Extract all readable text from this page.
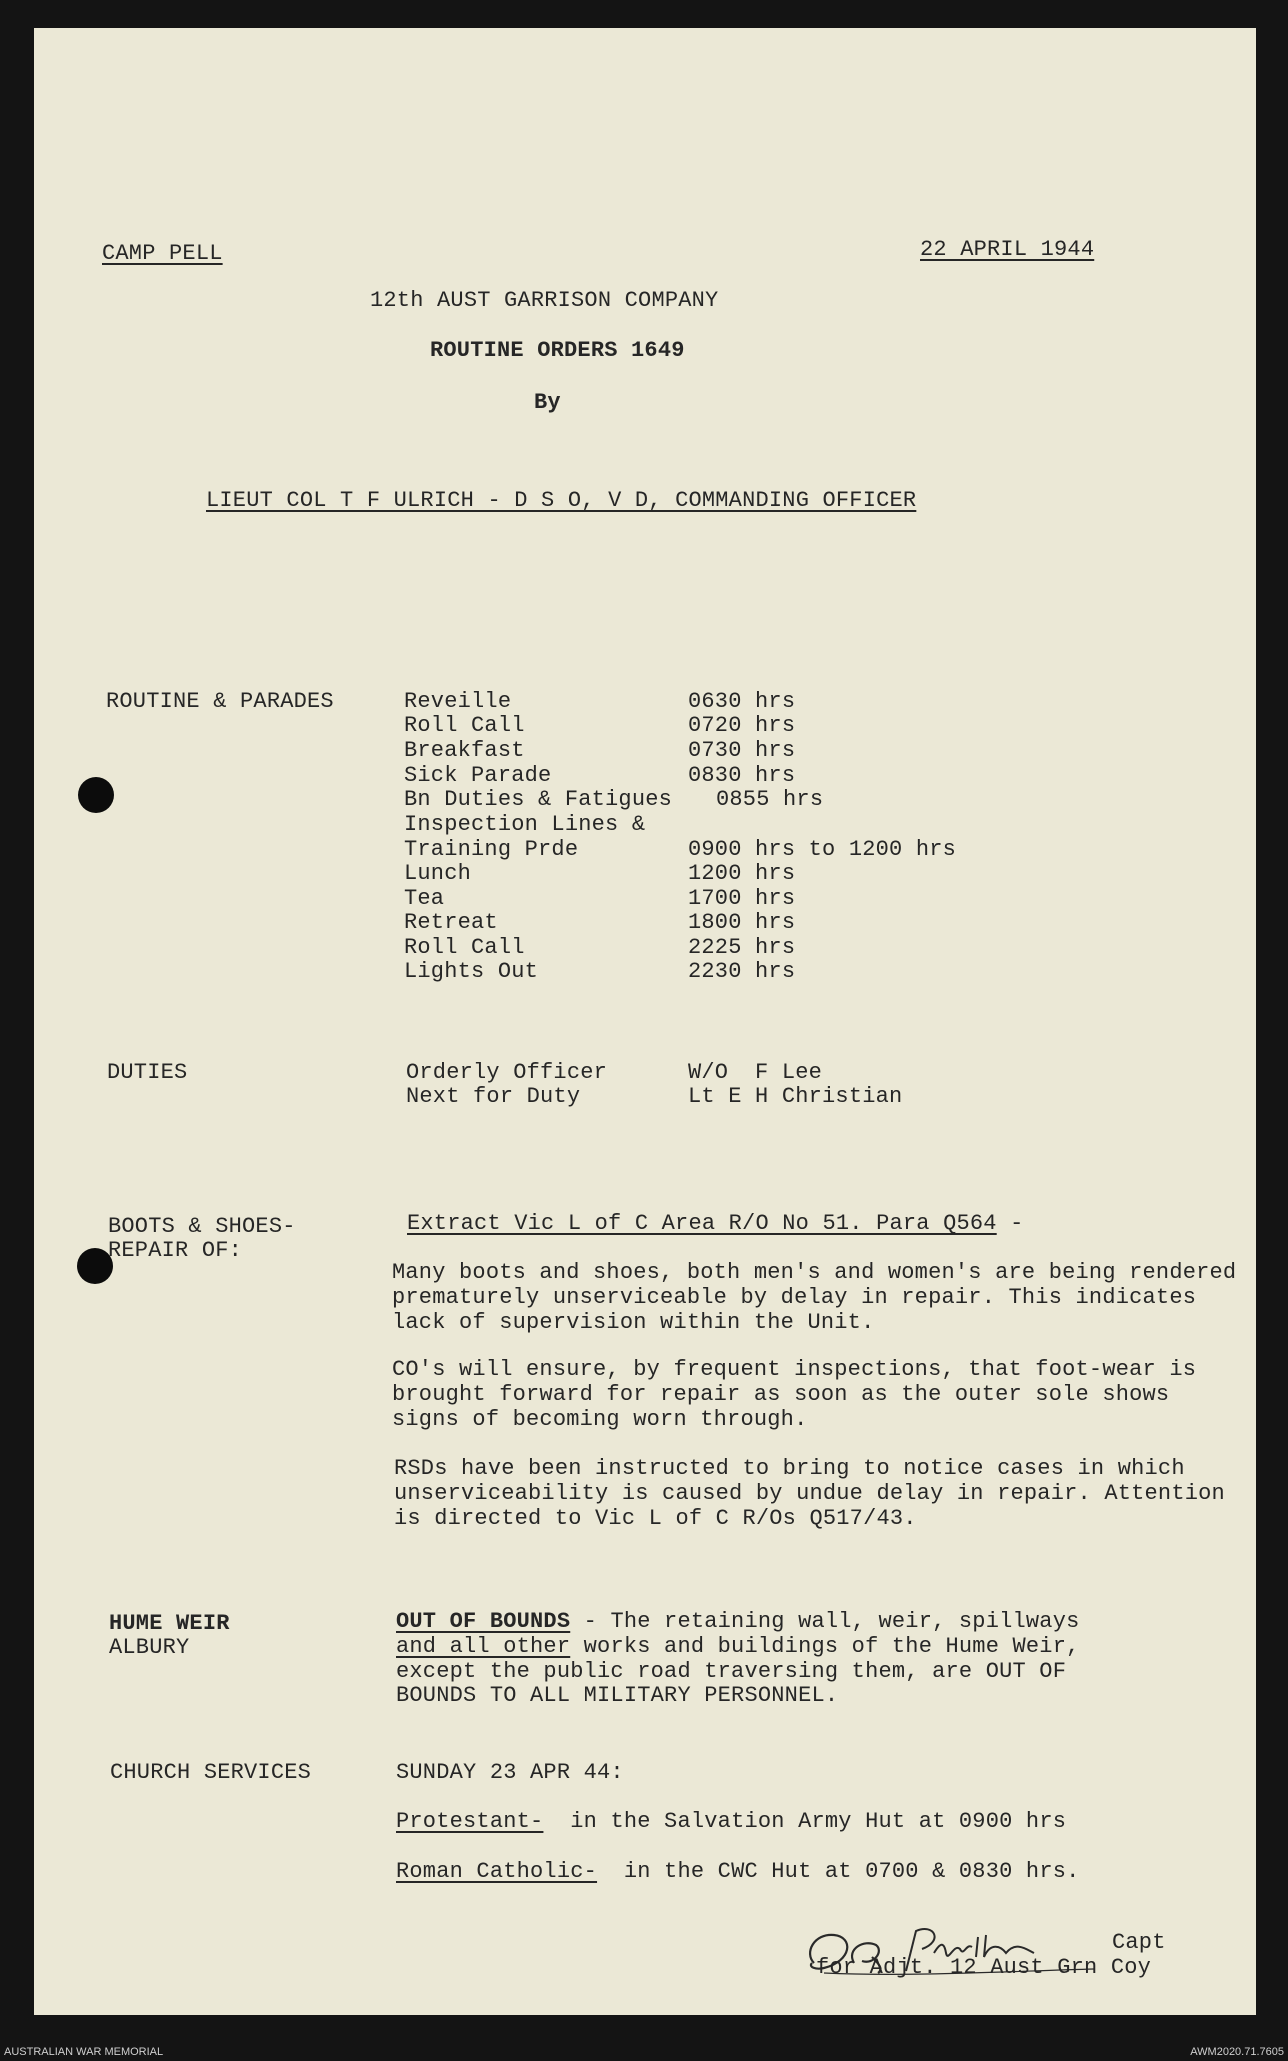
CAMP PELL	22 APRIL 1944
12th AUST GARRISON COMPANY
ROUTINE ORDERS 1649
By
LIEUT COL T F ULRICH - D S O, V D, COMMANDING OFFICER
ROUTINE & PARADES	Reveille	0630 hrs
Roll Call	0720 hrs
Breakfast	0730 hrs
Sick Parade	0830 hrs
Bn Duties & Fatigues 0855 hrs
Inspection Lines &
Training Prde	0900 hrs to 1200 hrs
Lunch	1200 hrs
Tea	1700 hrs
Retreat	1800 hrs
Roll Call	2225 hrs
Lights Out	2230 hrs
DUTIES	Orderly Officer	W/O  F Lee
Next for Duty	Lt E H Christian
BOOTS & SHOES-
REPAIR OF:
Extract Vic L of C Area R/O No 51. Para Q564 -
Many boots and shoes, both men's and women's are being rendered prematurely unserviceable by delay in repair. This indicates lack of supervision within the Unit.
CO's will ensure, by frequent inspections, that foot-wear is brought forward for repair as soon as the outer sole shows signs of becoming worn through.
RSDs have been instructed to bring to notice cases in which unserviceability is caused by undue delay in repair. Attention is directed to Vic L of C R/Os Q517/43.
HUME WEIR
ALBURY
OUT OF BOUNDS - The retaining wall, weir, spillways
and all other works and buildings of the Hume Weir,
except the public road traversing them, are OUT OF
BOUNDS TO ALL MILITARY PERSONNEL.
CHURCH SERVICES	SUNDAY 23 APR 44:
Protestant-  in the Salvation Army Hut at 0900 hrs
Roman Catholic-  in the CWC Hut at 0700 & 0830 hrs.
Capt
for Adjt. 12 Aust Grn Coy
AUSTRALIAN WAR MEMORIAL	AWM2020.71.7605
